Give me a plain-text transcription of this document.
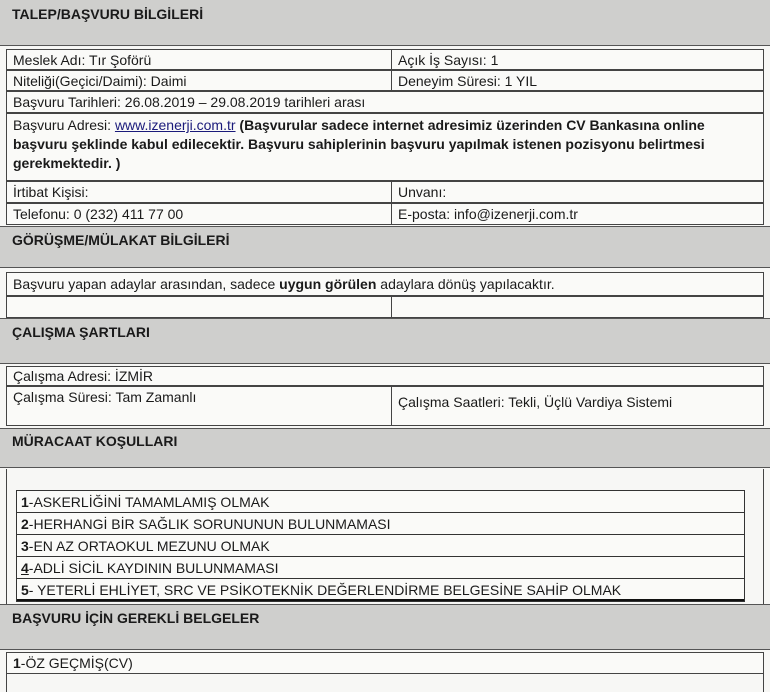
TALEP/BAŞVURU BİLGİLERİ
Meslek Adı: Tır Şoförü	Açık İş Sayısı: 1
Niteliği(Geçici/Daimi): Daimi	Deneyim Süresi: 1 YIL
Başvuru Tarihleri: 26.08.2019 – 29.08.2019 tarihleri arası
Başvuru Adresi: www.izenerji.com.tr (Başvurular sadece internet adresimiz üzerinden CV Bankasına online başvuru şeklinde kabul edilecektir. Başvuru sahiplerinin başvuru yapılmak istenen pozisyonu belirtmesi gerekmektedir. )
İrtibat Kişisi:	Unvanı:
Telefonu: 0 (232) 411 77 00	E-posta: info@izenerji.com.tr
GÖRÜŞME/MÜLAKAT BİLGİLERİ
Başvuru yapan adaylar arasından, sadece uygun görülen adaylara dönüş yapılacaktır.
ÇALIŞMA ŞARTLARI
Çalışma Adresi: İZMİR
Çalışma Süresi: Tam Zamanlı	Çalışma Saatleri: Tekli, Üçlü Vardiya Sistemi
MÜRACAAT KOŞULLARI
1-ASKERLİĞİNİ TAMAMLAMIŞ OLMAK
2-HERHANGİ BİR SAĞLIK SORUNUNUN BULUNMAMASI
3-EN AZ ORTAOKUL MEZUNU OLMAK
4-ADLİ SİCİL KAYDININ BULUNMAMASI
5- YETERLİ EHLİYET, SRC VE PSİKOTEKNİK DEĞERLENDİRME BELGESİNE SAHİP OLMAK
BAŞVURU İÇİN GEREKLİ BELGELER
1-ÖZ GEÇMİŞ(CV)
